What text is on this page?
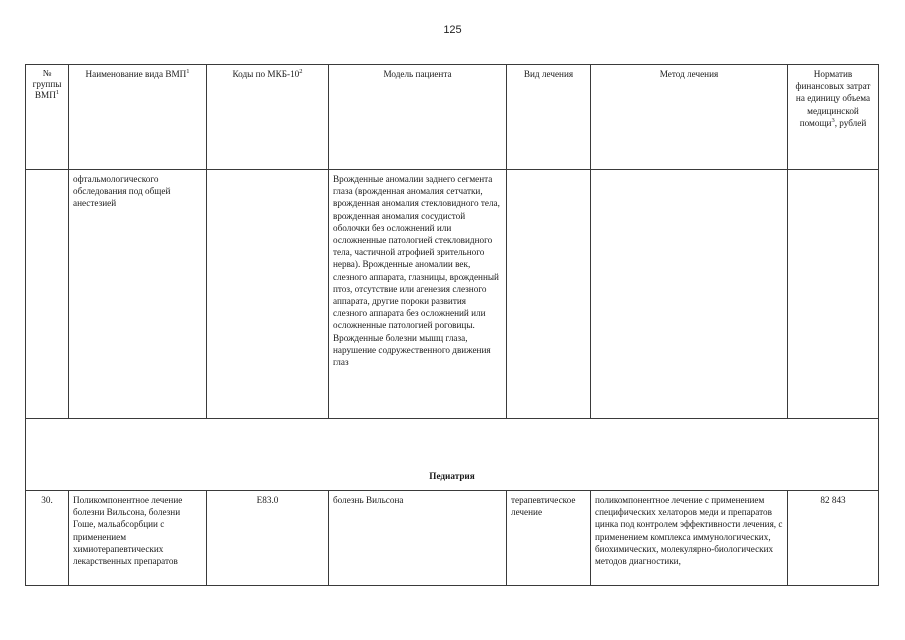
125
№ группы ВМП$^1$	Наименование вида ВМП$^1$	Коды по МКБ-$10^2$	Модель пациента	Вид лечения	Метод лечения	Норматив финансовых затрат на единицу объема медицинской помощи$^3$, рублей
	офтальмологического обследования под общей анестезией		Врожденные аномалии заднего сегмента глаза (врожденная аномалия сетчатки, врожденная аномалия стекловидного тела, врожденная аномалия сосудистой оболочки без осложнений или осложненные патологией стекловидного тела, частичной атрофией зрительного нерва). Врожденные аномалии век, слезного аппарата, глазницы, врожденный птоз, отсутствие или агенезия слезного аппарата, другие пороки развития слезного аппарата без осложнений или осложненные патологией роговицы. Врожденные болезни мышц глаза, нарушение содружественного движения глаз			
Педиатрия						
30.	Поликомпонентное лечение болезни Вильсона, болезни Гоше, мальабсорбции с применением химиотерапевтических лекарственных препаратов	E83.0	болезнь Вильсона	терапевтическое лечение	поликомпонентное лечение с применением специфических хелаторов меди и препаратов цинка под контролем эффективности лечения, с применением комплекса иммунологических, биохимических, молекулярно-биологических методов диагностики,	82 843
